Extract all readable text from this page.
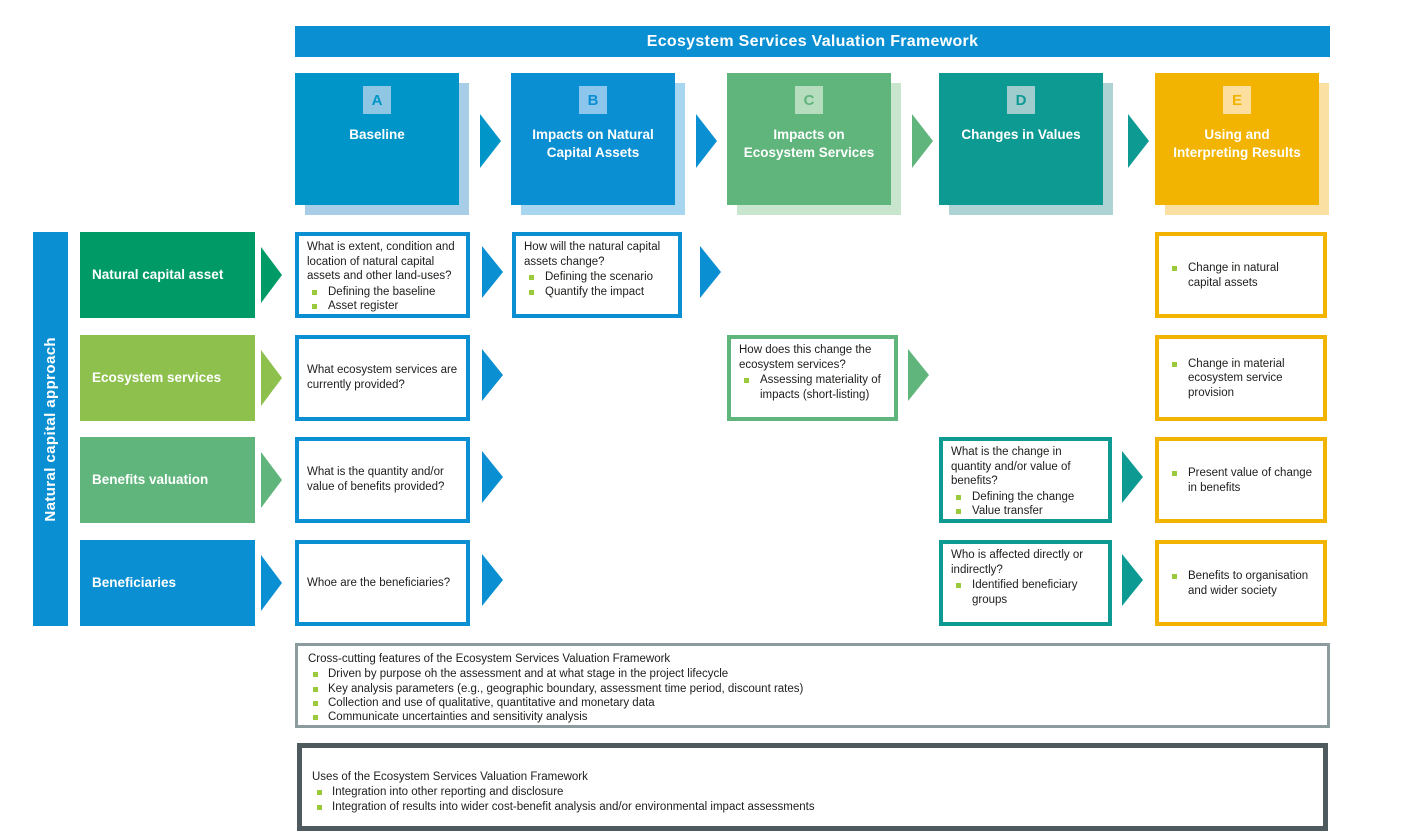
Ecosystem Services Valuation Framework
A
Baseline
B
Impacts on Natural Capital Assets
C
Impacts on Ecosystem Services
D
Changes in Values
E
Using and Interpreting Results
Natural capital approach
Natural capital asset
Ecosystem services
Benefits valuation
Beneficiaries
What is extent, condition and location of natural capital assets and other land-uses?
Defining the baseline
Asset register
How will the natural capital assets change?
Defining the scenario
Quantify the impact
Change in natural capital assets
What ecosystem services are currently provided?
How does this change the ecosystem services?
Assessing materiality of impacts (short-listing)
Change in material ecosystem service provision
What is the quantity and/or value of benefits provided?
What is the change in quantity and/or value of benefits?
Defining the change
Value transfer
Present value of change in benefits
Whoe are the beneficiaries?
Who is affected directly or indirectly?
Identified beneficiary groups
Benefits to organisation and wider society
Cross-cutting features of the Ecosystem Services Valuation Framework
Driven by purpose oh the assessment and at what stage in the project lifecycle
Key analysis parameters (e.g., geographic boundary, assessment time period, discount rates)
Collection and use of qualitative, quantitative and monetary data
Communicate uncertainties and sensitivity analysis
Uses of the Ecosystem Services Valuation Framework
Integration into other reporting and disclosure
Integration of results into wider cost-benefit analysis and/or environmental impact assessments
